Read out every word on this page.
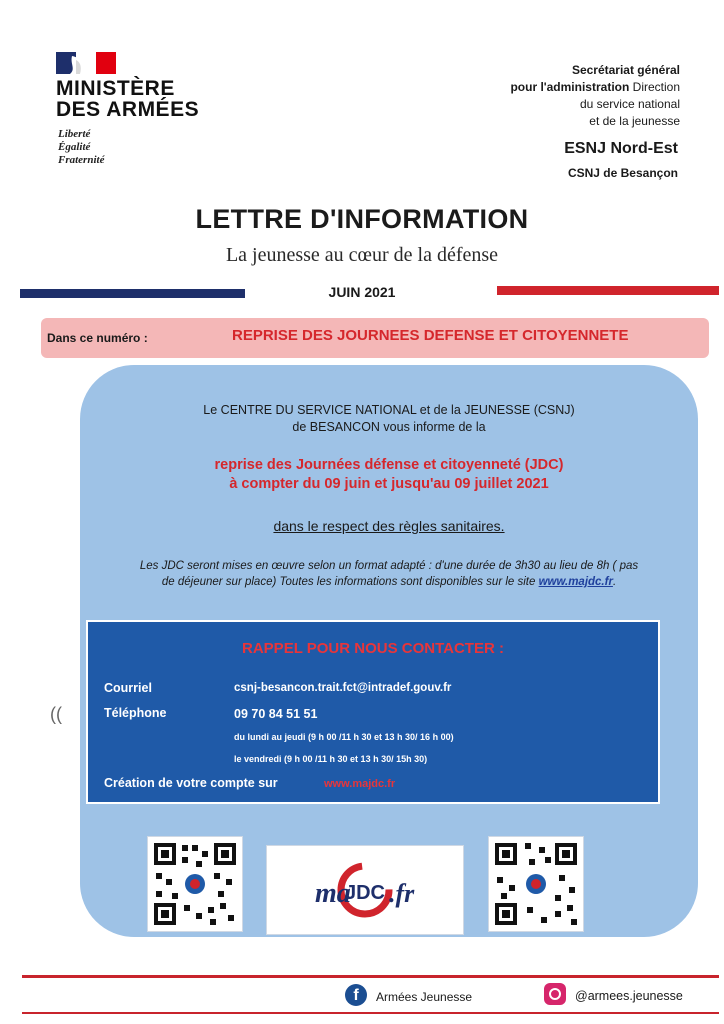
MINISTÈRE
DES ARMÉES
Liberté
Égalité
Fraternité
Secrétariat général
pour l'administration Direction
du service national
et de la jeunesse
ESNJ Nord-Est
CSNJ de Besançon
LETTRE D'INFORMATION
La jeunesse au cœur de la défense
JUIN 2021
Dans ce numéro :	REPRISE DES JOURNEES DEFENSE ET CITOYENNETE
Le CENTRE DU SERVICE NATIONAL et de la JEUNESSE (CSNJ)
de BESANCON vous informe de la
reprise des Journées défense et citoyenneté (JDC)
à compter du 09 juin et jusqu'au 09 juillet 2021
dans le respect des règles sanitaires.
Les JDC seront mises en œuvre selon un format adapté : d'une durée de 3h30 au lieu de 8h ( pas
de déjeuner sur place) Toutes les informations sont disponibles sur le site www.majdc.fr.
RAPPEL POUR NOUS CONTACTER :
Courriel	csnj-besancon.trait.fct@intradef.gouv.fr
Téléphone	09 70 84 51 51
du lundi au jeudi (9 h 00 /11 h 30 et 13 h 30/ 16 h 00)
le vendredi (9 h 00 /11 h 30 et 13 h 30/ 15h 30)
Création de votre compte sur	www.majdc.fr
ma
JDC .fr
((
f	Armées Jeunesse	@armees.jeunesse
